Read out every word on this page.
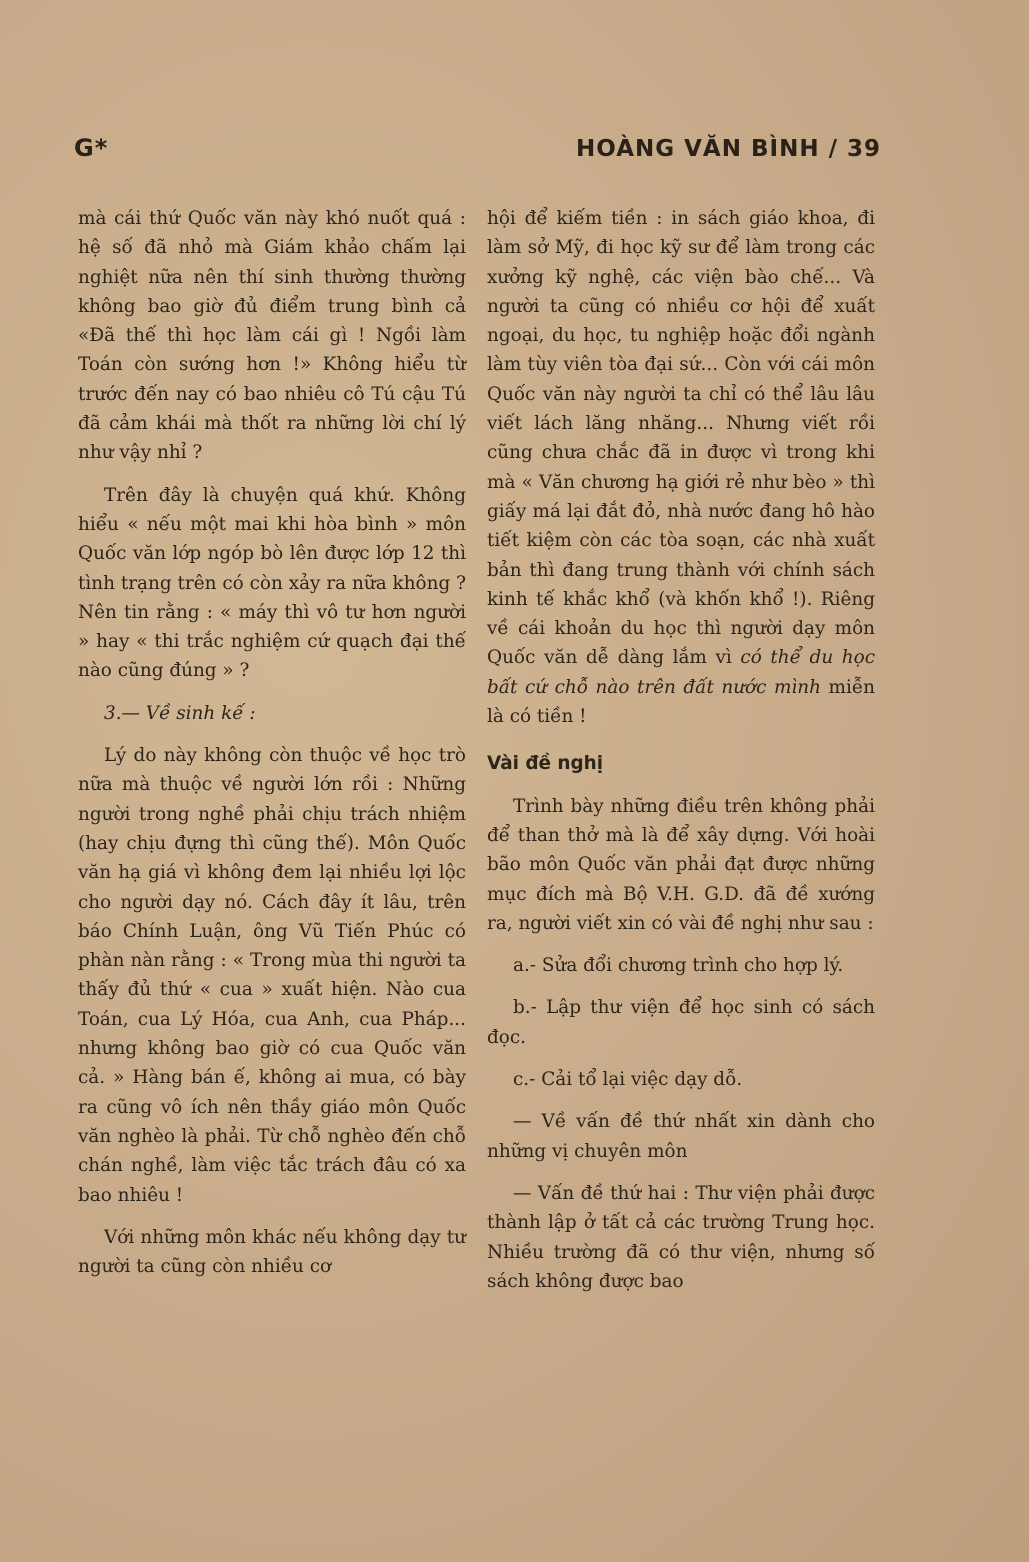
G*	HOÀNG VĂN BÌNH / 39

mà cái thứ Quốc văn này khó nuốt quá : hệ số đã nhỏ mà Giám khảo chấm lại nghiệt nữa nên thí sinh thường thường không bao giờ đủ điểm trung bình cả «Đã thế thì học làm cái gì ! Ngồi làm Toán còn sướng hơn !» Không hiểu từ trước đến nay có bao nhiêu cô Tú cậu Tú đã cảm khái mà thốt ra những lời chí lý như vậy nhỉ ?

Trên đây là chuyện quá khứ. Không hiểu « nếu một mai khi hòa bình » môn Quốc văn lớp ngóp bò lên được lớp 12 thì tình trạng trên có còn xảy ra nữa không ? Nên tin rằng : « máy thì vô tư hơn người » hay « thi trắc nghiệm cứ quạch đại thế nào cũng đúng » ?

3.— Về sinh kế :

Lý do này không còn thuộc về học trò nữa mà thuộc về người lớn rồi : Những người trong nghề phải chịu trách nhiệm (hay chịu đựng thì cũng thế). Môn Quốc văn hạ giá vì không đem lại nhiều lợi lộc cho người dạy nó. Cách đây ít lâu, trên báo Chính Luận, ông Vũ Tiến Phúc có phàn nàn rằng : « Trong mùa thi người ta thấy đủ thứ « cua » xuất hiện. Nào cua Toán, cua Lý Hóa, cua Anh, cua Pháp... nhưng không bao giờ có cua Quốc văn cả. » Hàng bán ế, không ai mua, có bày ra cũng vô ích nên thầy giáo môn Quốc văn nghèo là phải. Từ chỗ nghèo đến chỗ chán nghề, làm việc tắc trách đâu có xa bao nhiêu !

Với những môn khác nếu không dạy tư người ta cũng còn nhiều cơ

hội để kiếm tiền : in sách giáo khoa, đi làm sở Mỹ, đi học kỹ sư để làm trong các xưởng kỹ nghệ, các viện bào chế... Và người ta cũng có nhiều cơ hội để xuất ngoại, du học, tu nghiệp hoặc đổi ngành làm tùy viên tòa đại sứ... Còn với cái môn Quốc văn này người ta chỉ có thể lâu lâu viết lách lăng nhăng... Nhưng viết rồi cũng chưa chắc đã in được vì trong khi mà « Văn chương hạ giới rẻ như bèo » thì giấy má lại đắt đỏ, nhà nước đang hô hào tiết kiệm còn các tòa soạn, các nhà xuất bản thì đang trung thành với chính sách kinh tế khắc khổ (và khốn khổ !). Riêng về cái khoản du học thì người dạy môn Quốc văn dễ dàng lắm vì có thể du học bất cứ chỗ nào trên đất nước mình miễn là có tiền !

Vài đề nghị

Trình bày những điều trên không phải để than thở mà là để xây dựng. Với hoài bão môn Quốc văn phải đạt được những mục đích mà Bộ V.H. G.D. đã đề xướng ra, người viết xin có vài đề nghị như sau :

a.- Sửa đổi chương trình cho hợp lý.

b.- Lập thư viện để học sinh có sách đọc.

c.- Cải tổ lại việc dạy dỗ.

— Về vấn đề thứ nhất xin dành cho những vị chuyên môn

— Vấn đề thứ hai : Thư viện phải được thành lập ở tất cả các trường Trung học. Nhiều trường đã có thư viện, nhưng số sách không được bao
